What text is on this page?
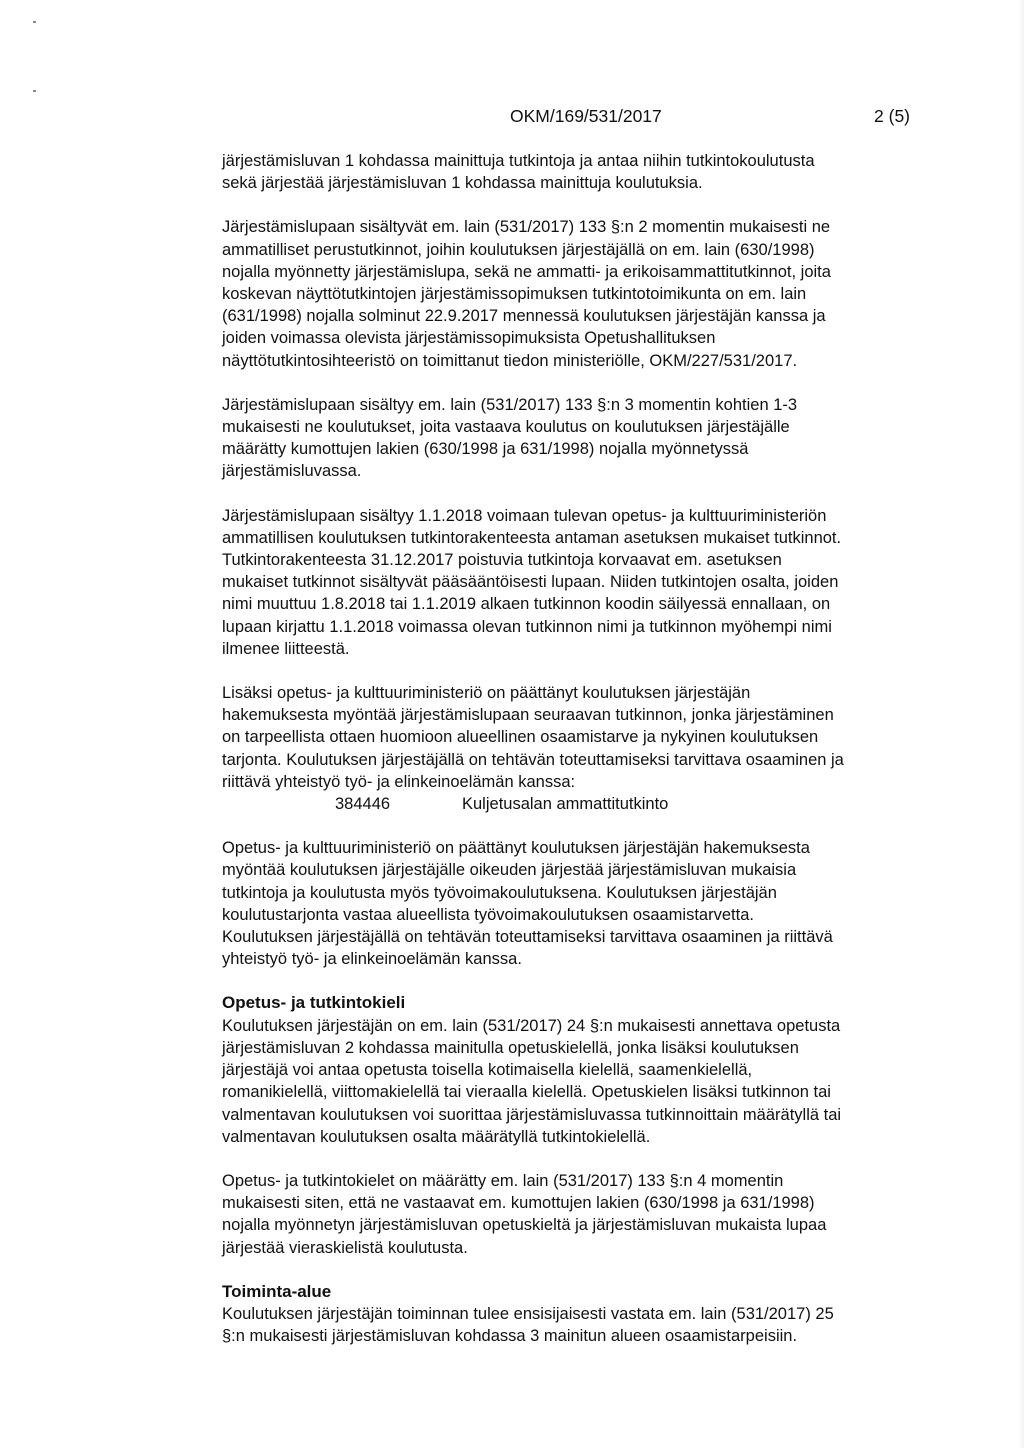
OKM/169/531/2017	2 (5)

järjestämisluvan 1 kohdassa mainittuja tutkintoja ja antaa niihin tutkintokoulutusta
sekä järjestää järjestämisluvan 1 kohdassa mainittuja koulutuksia.

Järjestämislupaan sisältyvät em. lain (531/2017) 133 §:n 2 momentin mukaisesti ne
ammatilliset perustutkinnot, joihin koulutuksen järjestäjällä on em. lain (630/1998)
nojalla myönnetty järjestämislupa, sekä ne ammatti- ja erikoisammattitutkinnot, joita
koskevan näyttötutkintojen järjestämissopimuksen tutkintotoimikunta on em. lain
(631/1998) nojalla solminut 22.9.2017 mennessä koulutuksen järjestäjän kanssa ja
joiden voimassa olevista järjestämissopimuksista Opetushallituksen
näyttötutkintosihteeristö on toimittanut tiedon ministeriölle, OKM/227/531/2017.

Järjestämislupaan sisältyy em. lain (531/2017) 133 §:n 3 momentin kohtien 1-3
mukaisesti ne koulutukset, joita vastaava koulutus on koulutuksen järjestäjälle
määrätty kumottujen lakien (630/1998 ja 631/1998) nojalla myönnetyssä
järjestämisluvassa.

Järjestämislupaan sisältyy 1.1.2018 voimaan tulevan opetus- ja kulttuuriministeriön
ammatillisen koulutuksen tutkintorakenteesta antaman asetuksen mukaiset tutkinnot.
Tutkintorakenteesta 31.12.2017 poistuvia tutkintoja korvaavat em. asetuksen
mukaiset tutkinnot sisältyvät pääsääntöisesti lupaan. Niiden tutkintojen osalta, joiden
nimi muuttuu 1.8.2018 tai 1.1.2019 alkaen tutkinnon koodin säilyessä ennallaan, on
lupaan kirjattu 1.1.2018 voimassa olevan tutkinnon nimi ja tutkinnon myöhempi nimi
ilmenee liitteestä.

Lisäksi opetus- ja kulttuuriministeriö on päättänyt koulutuksen järjestäjän
hakemuksesta myöntää järjestämislupaan seuraavan tutkinnon, jonka järjestäminen
on tarpeellista ottaen huomioon alueellinen osaamistarve ja nykyinen koulutuksen
tarjonta. Koulutuksen järjestäjällä on tehtävän toteuttamiseksi tarvittava osaaminen ja
riittävä yhteistyö työ- ja elinkeinoelämän kanssa:
384446	Kuljetusalan ammattitutkinto

Opetus- ja kulttuuriministeriö on päättänyt koulutuksen järjestäjän hakemuksesta
myöntää koulutuksen järjestäjälle oikeuden järjestää järjestämisluvan mukaisia
tutkintoja ja koulutusta myös työvoimakoulutuksena. Koulutuksen järjestäjän
koulutustarjonta vastaa alueellista työvoimakoulutuksen osaamistarvetta.
Koulutuksen järjestäjällä on tehtävän toteuttamiseksi tarvittava osaaminen ja riittävä
yhteistyö työ- ja elinkeinoelämän kanssa.

Opetus- ja tutkintokieli

Koulutuksen järjestäjän on em. lain (531/2017) 24 §:n mukaisesti annettava opetusta
järjestämisluvan 2 kohdassa mainitulla opetuskielellä, jonka lisäksi koulutuksen
järjestäjä voi antaa opetusta toisella kotimaisella kielellä, saamenkielellä,
romanikielellä, viittomakielellä tai vieraalla kielellä. Opetuskielen lisäksi tutkinnon tai
valmentavan koulutuksen voi suorittaa järjestämisluvassa tutkinnoittain määrätyllä tai
valmentavan koulutuksen osalta määrätyllä tutkintokielellä.

Opetus- ja tutkintokielet on määrätty em. lain (531/2017) 133 §:n 4 momentin
mukaisesti siten, että ne vastaavat em. kumottujen lakien (630/1998 ja 631/1998)
nojalla myönnetyn järjestämisluvan opetuskieltä ja järjestämisluvan mukaista lupaa
järjestää vieraskielistä koulutusta.

Toiminta-alue

Koulutuksen järjestäjän toiminnan tulee ensisijaisesti vastata em. lain (531/2017) 25
§:n mukaisesti järjestämisluvan kohdassa 3 mainitun alueen osaamistarpeisiin.
